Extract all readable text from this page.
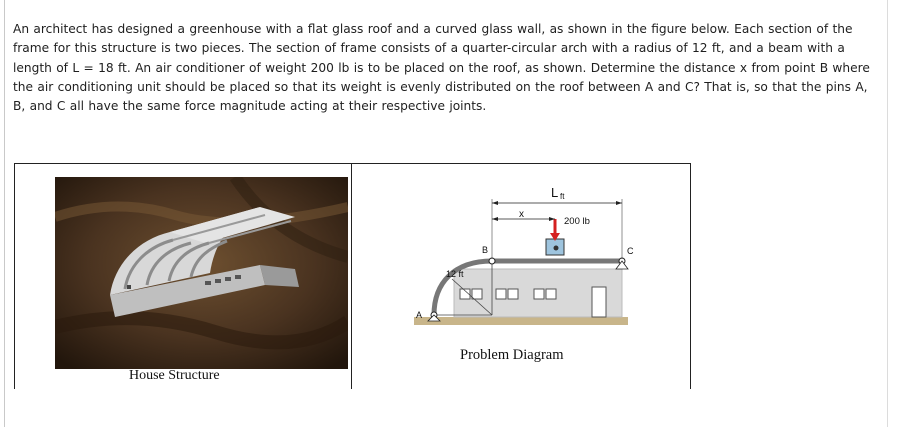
An architect has designed a greenhouse with a flat glass roof and a curved glass wall, as shown in the figure below. Each section of the frame for this structure is two pieces. The section of frame consists of a quarter-circular arch with a radius of 12 ft, and a beam with a length of L = 18 ft. An air conditioner of weight 200 lb is to be placed on the roof, as shown. Determine the distance x from point B where the air conditioning unit should be placed so that its weight is evenly distributed on the roof between A and C? That is, so that the pins A, B, and C all have the same force magnitude acting at their respective joints.

House Structure
L ft
x
200 lb
12 ft
A
B	C
Problem Diagram
